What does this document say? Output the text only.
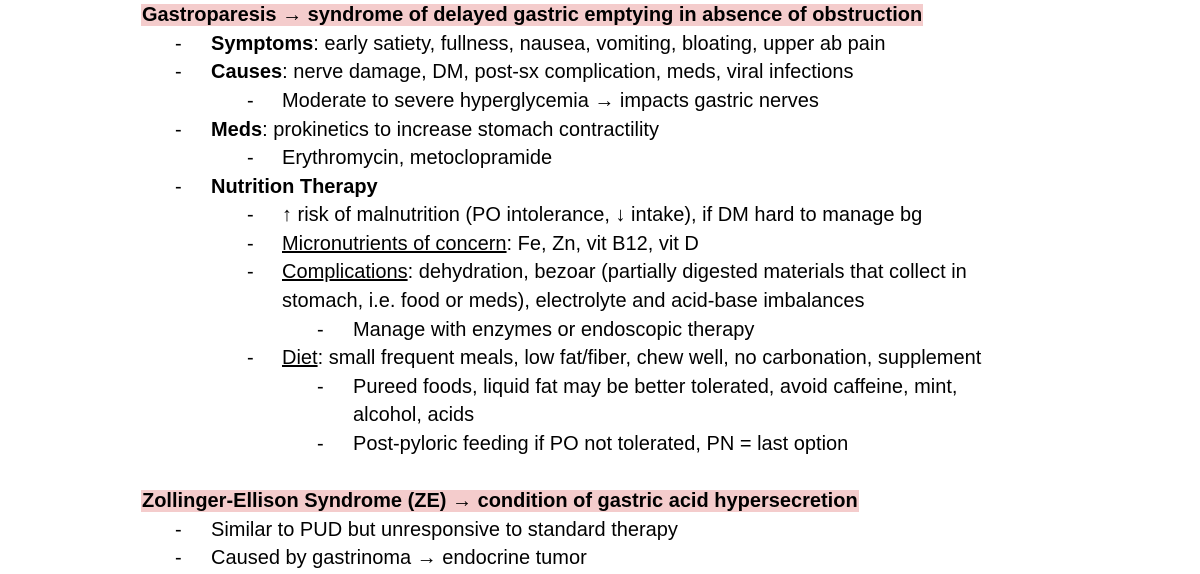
Gastroparesis → syndrome of delayed gastric emptying in absence of obstruction
- Symptoms: early satiety, fullness, nausea, vomiting, bloating, upper ab pain
- Causes: nerve damage, DM, post-sx complication, meds, viral infections
- Moderate to severe hyperglycemia → impacts gastric nerves
- Meds: prokinetics to increase stomach contractility
- Erythromycin, metoclopramide
- Nutrition Therapy
- ↑ risk of malnutrition (PO intolerance, ↓ intake), if DM hard to manage bg
- Micronutrients of concern: Fe, Zn, vit B12, vit D
- Complications: dehydration, bezoar (partially digested materials that collect in
stomach, i.e. food or meds), electrolyte and acid-base imbalances
- Manage with enzymes or endoscopic therapy
- Diet: small frequent meals, low fat/fiber, chew well, no carbonation, supplement
- Pureed foods, liquid fat may be better tolerated, avoid caffeine, mint,
alcohol, acids
- Post-pyloric feeding if PO not tolerated, PN = last option
Zollinger-Ellison Syndrome (ZE) → condition of gastric acid hypersecretion
- Similar to PUD but unresponsive to standard therapy
- Caused by gastrinoma → endocrine tumor
